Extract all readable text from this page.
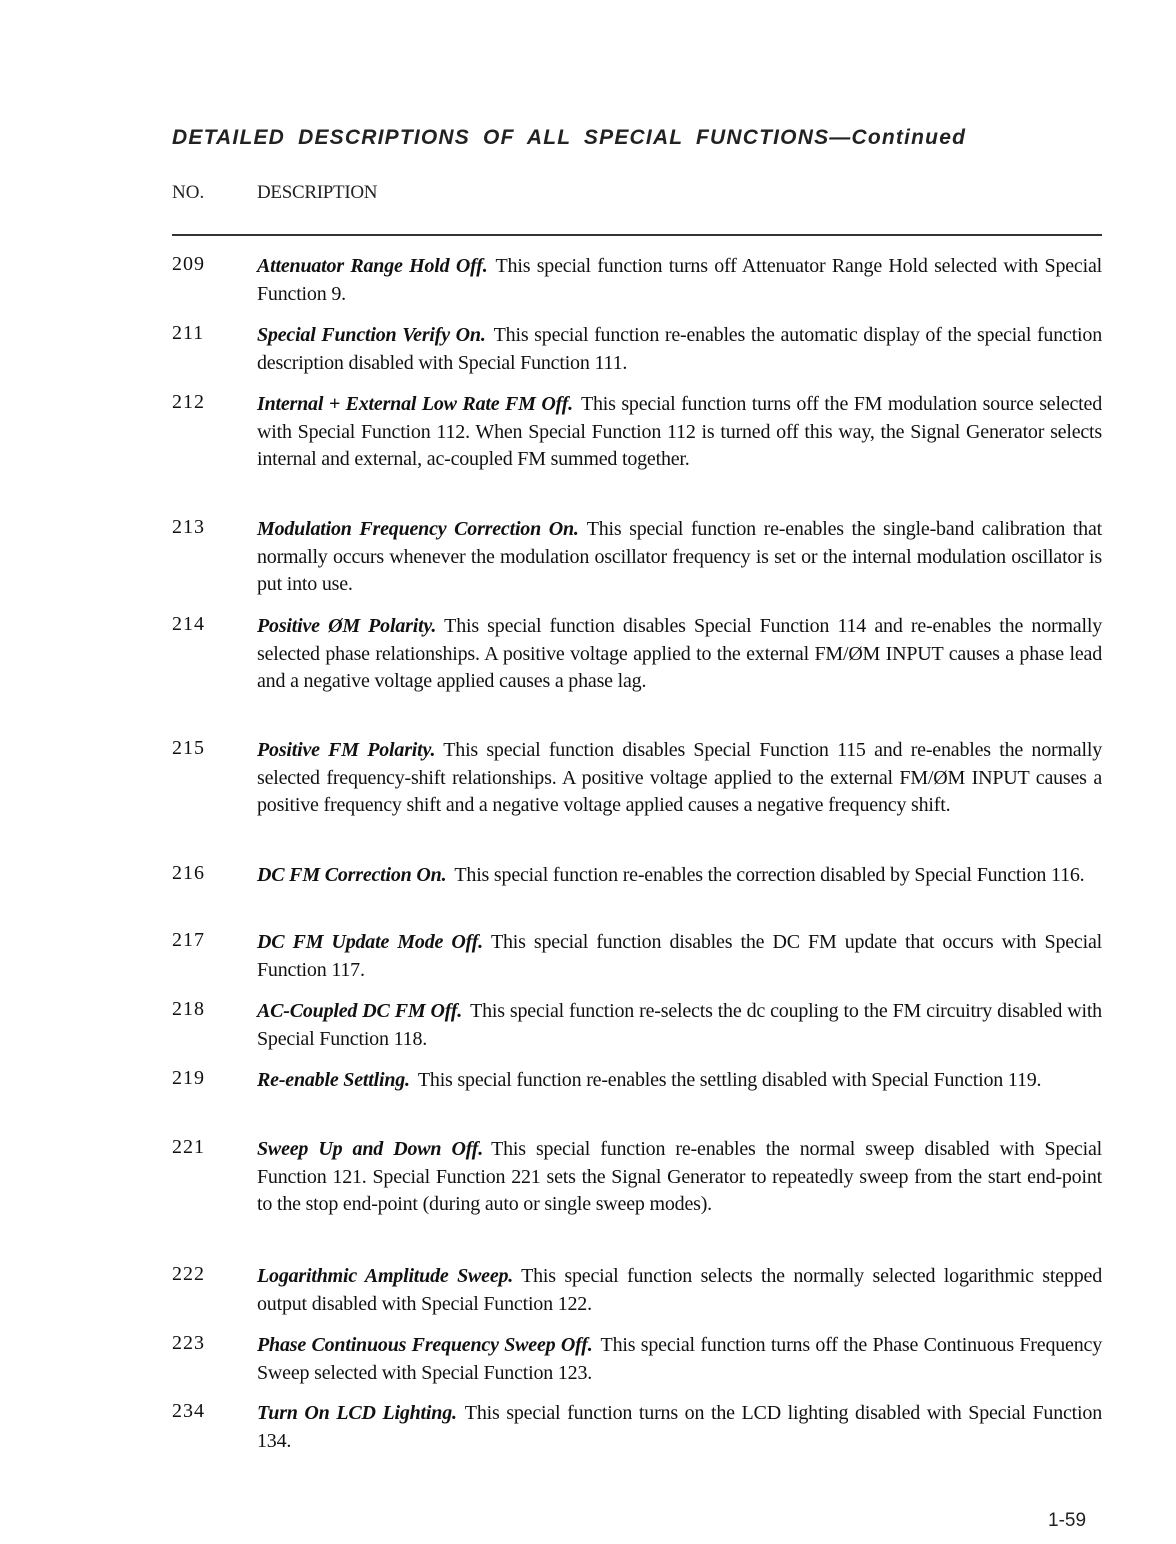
DETAILED DESCRIPTIONS OF ALL SPECIAL FUNCTIONS—Continued
NO.	DESCRIPTION
209	Attenuator Range Hold Off. This special function turns off Attenuator Range Hold selected with Special Function 9.
211	Special Function Verify On. This special function re-enables the automatic display of the special function description disabled with Special Function 111.
212	Internal + External Low Rate FM Off. This special function turns off the FM modulation source selected with Special Function 112. When Special Function 112 is turned off this way, the Signal Generator selects internal and external, ac-coupled FM summed together.
213	Modulation Frequency Correction On. This special function re-enables the single-band calibration that normally occurs whenever the modulation oscillator frequency is set or the internal modulation oscillator is put into use.
214	Positive ØM Polarity. This special function disables Special Function 114 and re-enables the normally selected phase relationships. A positive voltage applied to the external FM/ØM INPUT causes a phase lead and a negative voltage applied causes a phase lag.
215	Positive FM Polarity. This special function disables Special Function 115 and re-enables the normally selected frequency-shift relationships. A positive voltage applied to the external FM/ØM INPUT causes a positive frequency shift and a negative voltage applied causes a negative frequency shift.
216	DC FM Correction On. This special function re-enables the correction disabled by Special Function 116.
217	DC FM Update Mode Off. This special function disables the DC FM update that occurs with Special Function 117.
218	AC-Coupled DC FM Off. This special function re-selects the dc coupling to the FM circuitry disabled with Special Function 118.
219	Re-enable Settling. This special function re-enables the settling disabled with Special Function 119.
221	Sweep Up and Down Off. This special function re-enables the normal sweep disabled with Special Function 121. Special Function 221 sets the Signal Generator to repeatedly sweep from the start end-point to the stop end-point (during auto or single sweep modes).
222	Logarithmic Amplitude Sweep. This special function selects the normally selected logarithmic stepped output disabled with Special Function 122.
223	Phase Continuous Frequency Sweep Off. This special function turns off the Phase Continuous Frequency Sweep selected with Special Function 123.
234	Turn On LCD Lighting. This special function turns on the LCD lighting disabled with Special Function 134.
1-59
